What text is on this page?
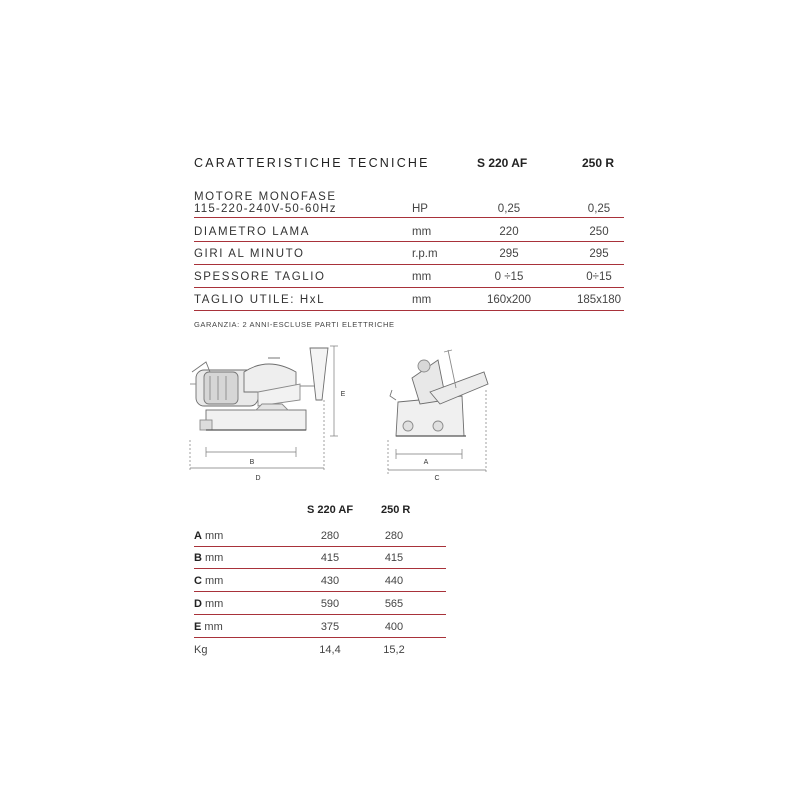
CARATTERISTICHE TECNICHE	S 220 AF	250 R
MOTORE MONOFASE
115-220-240V-50-60Hz	HP	0,25	0,25
DIAMETRO LAMA	mm	220	250
GIRI AL MINUTO	r.p.m	295	295
SPESSORE TAGLIO	mm	0 ÷15	0÷15
TAGLIO UTILE: HxL	mm	160x200	185x180
GARANZIA: 2 ANNI-ESCLUSE PARTI ELETTRICHE
B
D
E
A
C
S 220 AF	250 R
A mm	280	280
B mm	415	415
C mm	430	440
D mm	590	565
E mm	375	400
Kg	14,4	15,2
